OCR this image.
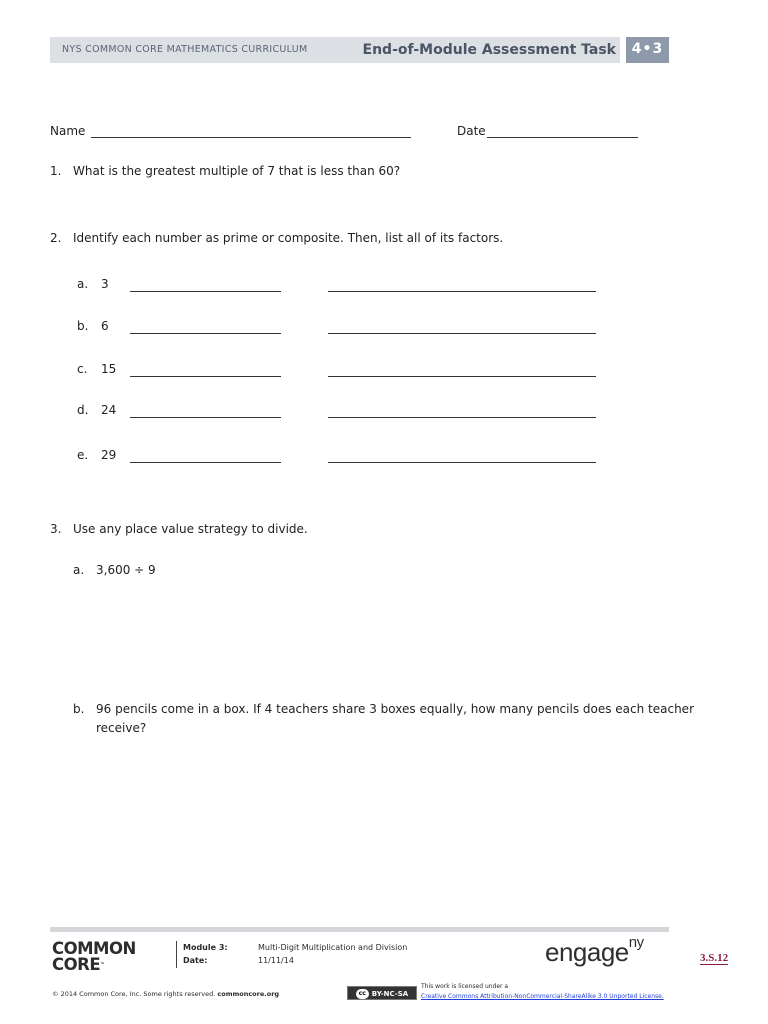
NYS COMMON CORE MATHEMATICS CURRICULUM	End-of-Module Assessment Task	4•3
Name	Date
1. What is the greatest multiple of 7 that is less than 60?
2. Identify each number as prime or composite. Then, list all of its factors.
a. 3
b. 6
c. 15
d. 24
e. 29
3. Use any place value strategy to divide.
a. 3,600 ÷ 9
b. 96 pencils come in a box. If 4 teachers share 3 boxes equally, how many pencils does each teacher
receive?
COMMON
CORE™
Module 3:
Date:
Multi-Digit Multiplication and Division
11/11/14	engage$^{ny}$
3.S.12
© 2014 Common Core, Inc. Some rights reserved. commoncore.org	cc BY-NC-SA
This work is licensed under a
Creative Commons Attribution-NonCommercial-ShareAlike 3.0 Unported License.
